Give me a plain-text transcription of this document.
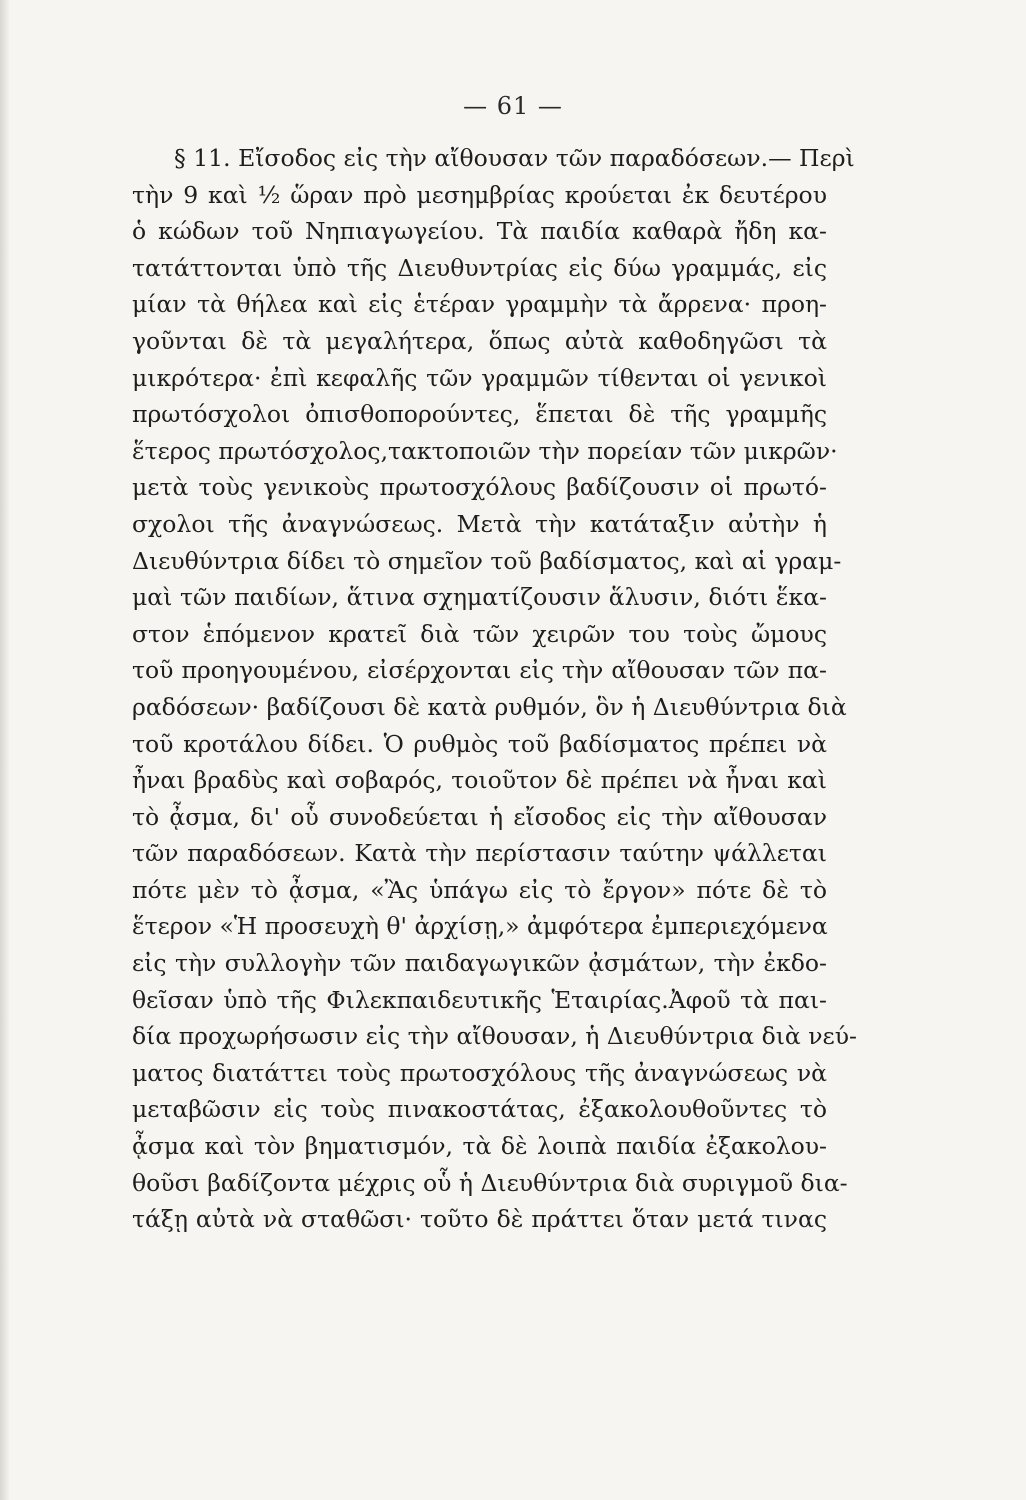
— 61 —
§ 11. Εἴσοδος εἰς τὴν αἴθουσαν τῶν παραδόσεων.— Περὶ
τὴν 9 καὶ ½ ὥραν πρὸ μεσημβρίας κρούεται ἐκ δευτέρου
ὁ κώδων τοῦ Νηπιαγωγείου. Τὰ παιδία καθαρὰ ἤδη κα-
τατάττονται ὑπὸ τῆς Διευθυντρίας εἰς δύω γραμμάς, εἰς
μίαν τὰ θήλεα καὶ εἰς ἑτέραν γραμμὴν τὰ ἄρρενα· προη-
γοῦνται δὲ τὰ μεγαλήτερα, ὅπως αὐτὰ καθοδηγῶσι τὰ
μικρότερα· ἐπὶ κεφαλῆς τῶν γραμμῶν τίθενται οἱ γενικοὶ
πρωτόσχολοι ὀπισθοπορούντες, ἕπεται δὲ τῆς γραμμῆς
ἕτερος πρωτόσχολος,τακτοποιῶν τὴν πορείαν τῶν μικρῶν·
μετὰ τοὺς γενικοὺς πρωτοσχόλους βαδίζουσιν οἱ πρωτό-
σχολοι τῆς ἀναγνώσεως. Μετὰ τὴν κατάταξιν αὐτὴν ἡ
Διευθύντρια δίδει τὸ σημεῖον τοῦ βαδίσματος, καὶ αἱ γραμ-
μαὶ τῶν παιδίων, ἅτινα σχηματίζουσιν ἅλυσιν, διότι ἕκα-
στον ἑπόμενον κρατεῖ διὰ τῶν χειρῶν του τοὺς ὤμους
τοῦ προηγουμένου, εἰσέρχονται εἰς τὴν αἴθουσαν τῶν πα-
ραδόσεων· βαδίζουσι δὲ κατὰ ρυθμόν, ὃν ἡ Διευθύντρια διὰ
τοῦ κροτάλου δίδει. Ὁ ρυθμὸς τοῦ βαδίσματος πρέπει νὰ
ἦναι βραδὺς καὶ σοβαρός, τοιοῦτον δὲ πρέπει νὰ ἦναι καὶ
τὸ ᾆσμα, δι' οὗ συνοδεύεται ἡ εἴσοδος εἰς τὴν αἴθουσαν
τῶν παραδόσεων. Κατὰ τὴν περίστασιν ταύτην ψάλλεται
πότε μὲν τὸ ᾆσμα, «Ἂς ὑπάγω εἰς τὸ ἔργον» πότε δὲ τὸ
ἕτερον «Ἡ προσευχὴ θ' ἀρχίσῃ,» ἀμφότερα ἐμπεριεχόμενα
εἰς τὴν συλλογὴν τῶν παιδαγωγικῶν ᾀσμάτων, τὴν ἐκδο-
θεῖσαν ὑπὸ τῆς Φιλεκπαιδευτικῆς Ἑταιρίας.Ἀφοῦ τὰ παι-
δία προχωρήσωσιν εἰς τὴν αἴθουσαν, ἡ Διευθύντρια διὰ νεύ-
ματος διατάττει τοὺς πρωτοσχόλους τῆς ἀναγνώσεως νὰ
μεταβῶσιν εἰς τοὺς πινακοστάτας, ἐξακολουθοῦντες τὸ
ᾆσμα καὶ τὸν βηματισμόν, τὰ δὲ λοιπὰ παιδία ἐξακολου-
θοῦσι βαδίζοντα μέχρις οὗ ἡ Διευθύντρια διὰ συριγμοῦ δια-
τάξῃ αὐτὰ νὰ σταθῶσι· τοῦτο δὲ πράττει ὅταν μετά τινας
